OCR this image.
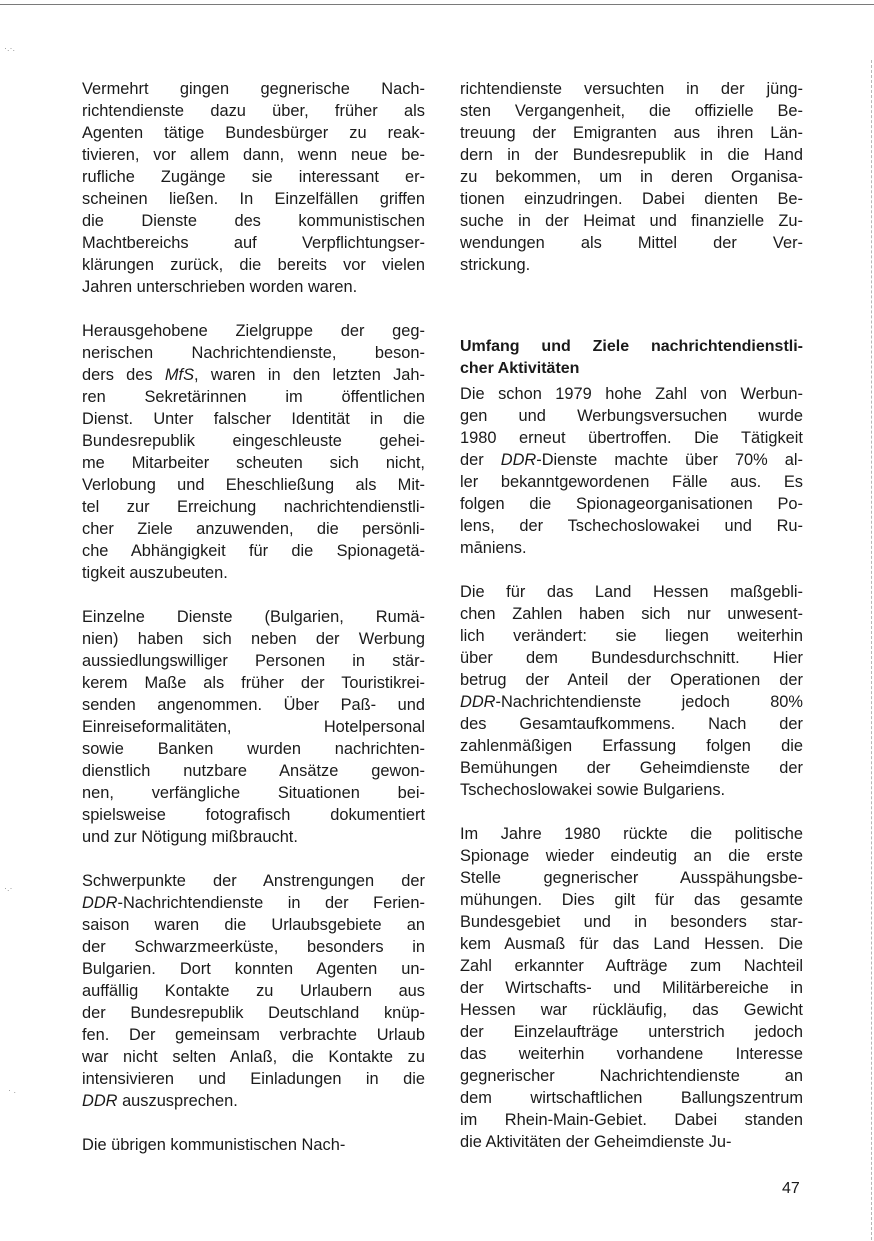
·.·.
·.·
· .

Vermehrt gingen gegnerische Nach-
richtendienste dazu über, früher als
Agenten tätige Bundesbürger zu reak-
tivieren, vor allem dann, wenn neue be-
rufliche Zugänge sie interessant er-
scheinen ließen. In Einzelfällen griffen
die Dienste des kommunistischen
Machtbereichs auf Verpflichtungser-
klärungen zurück, die bereits vor vielen
Jahren unterschrieben worden waren.

Herausgehobene Zielgruppe der geg-
nerischen Nachrichtendienste, beson-
ders des MfS, waren in den letzten Jah-
ren Sekretärinnen im öffentlichen
Dienst. Unter falscher Identität in die
Bundesrepublik eingeschleuste gehei-
me Mitarbeiter scheuten sich nicht,
Verlobung und Eheschließung als Mit-
tel zur Erreichung nachrichtendienstli-
cher Ziele anzuwenden, die persönli-
che Abhängigkeit für die Spionagetä-
tigkeit auszubeuten.

Einzelne Dienste (Bulgarien, Rumä-
nien) haben sich neben der Werbung
aussiedlungswilliger Personen in stär-
kerem Maße als früher der Touristikrei-
senden angenommen. Über Paß- und
Einreiseformalitäten, Hotelpersonal
sowie Banken wurden nachrichten-
dienstlich nutzbare Ansätze gewon-
nen, verfängliche Situationen bei-
spielsweise fotografisch dokumentiert
und zur Nötigung mißbraucht.

Schwerpunkte der Anstrengungen der
DDR-Nachrichtendienste in der Ferien-
saison waren die Urlaubsgebiete an
der Schwarzmeerküste, besonders in
Bulgarien. Dort konnten Agenten un-
auffällig Kontakte zu Urlaubern aus
der Bundesrepublik Deutschland knüp-
fen. Der gemeinsam verbrachte Urlaub
war nicht selten Anlaß, die Kontakte zu
intensivieren und Einladungen in die
DDR auszusprechen.

Die übrigen kommunistischen Nach-

richtendienste versuchten in der jüng-
sten Vergangenheit, die offizielle Be-
treuung der Emigranten aus ihren Län-
dern in der Bundesrepublik in die Hand
zu bekommen, um in deren Organisa-
tionen einzudringen. Dabei dienten Be-
suche in der Heimat und finanzielle Zu-
wendungen als Mittel der Ver-
strickung.

Umfang und Ziele nachrichtendienstli-
cher Aktivitäten

Die schon 1979 hohe Zahl von Werbun-
gen und Werbungsversuchen wurde
1980 erneut übertroffen. Die Tätigkeit
der DDR-Dienste machte über 70% al-
ler bekanntgewordenen Fälle aus. Es
folgen die Spionageorganisationen Po-
lens, der Tschechoslowakei und Ru-
māniens.

Die für das Land Hessen maßgebli-
chen Zahlen haben sich nur unwesent-
lich verändert: sie liegen weiterhin
über dem Bundesdurchschnitt. Hier
betrug der Anteil der Operationen der
DDR-Nachrichtendienste jedoch 80%
des Gesamtaufkommens. Nach der
zahlenmäßigen Erfassung folgen die
Bemühungen der Geheimdienste der
Tschechoslowakei sowie Bulgariens.

Im Jahre 1980 rückte die politische
Spionage wieder eindeutig an die erste
Stelle gegnerischer Ausspähungsbe-
mühungen. Dies gilt für das gesamte
Bundesgebiet und in besonders star-
kem Ausmaß für das Land Hessen. Die
Zahl erkannter Aufträge zum Nachteil
der Wirtschafts- und Militärbereiche in
Hessen war rückläufig, das Gewicht
der Einzelaufträge unterstrich jedoch
das weiterhin vorhandene Interesse
gegnerischer Nachrichtendienste an
dem wirtschaftlichen Ballungszentrum
im Rhein-Main-Gebiet. Dabei standen
die Aktivitäten der Geheimdienste Ju-

47
